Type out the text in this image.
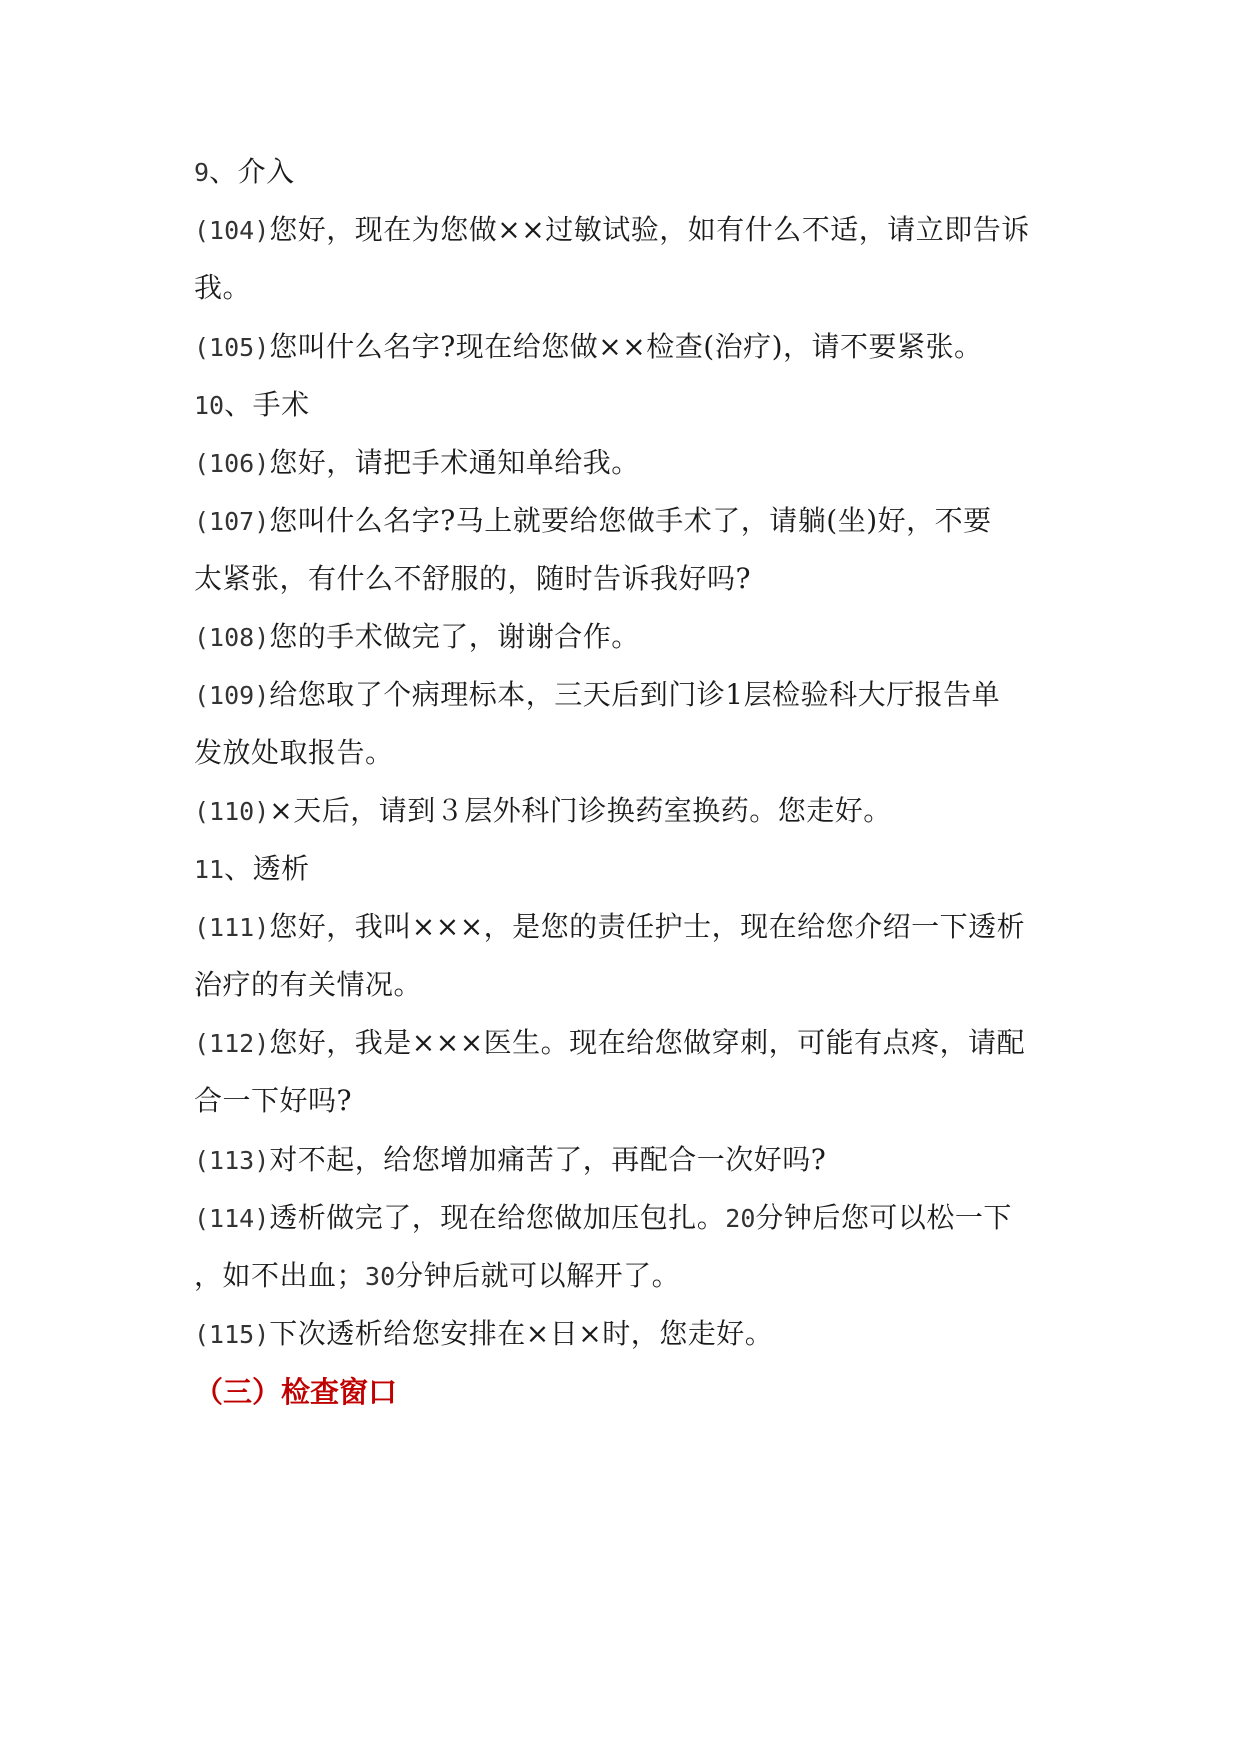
9、介入
(104)您好，现在为您做××过敏试验，如有什么不适，请立即告诉
我。
(105)您叫什么名字?现在给您做××检查(治疗)，请不要紧张。
10、手术
(106)您好，请把手术通知单给我。
(107)您叫什么名字?马上就要给您做手术了，请躺(坐)好，不要
太紧张，有什么不舒服的，随时告诉我好吗?
(108)您的手术做完了，谢谢合作。
(109)给您取了个病理标本，三天后到门诊1层检验科大厅报告单
发放处取报告。
(110)×天后，请到３层外科门诊换药室换药。您走好。
11、透析
(111)您好，我叫×××，是您的责任护士，现在给您介绍一下透析
治疗的有关情况。
(112)您好，我是×××医生。现在给您做穿刺，可能有点疼，请配
合一下好吗?
(113)对不起，给您增加痛苦了，再配合一次好吗?
(114)透析做完了，现在给您做加压包扎。20分钟后您可以松一下
，如不出血；30分钟后就可以解开了。
(115)下次透析给您安排在×日×时，您走好。
（三）检查窗口
